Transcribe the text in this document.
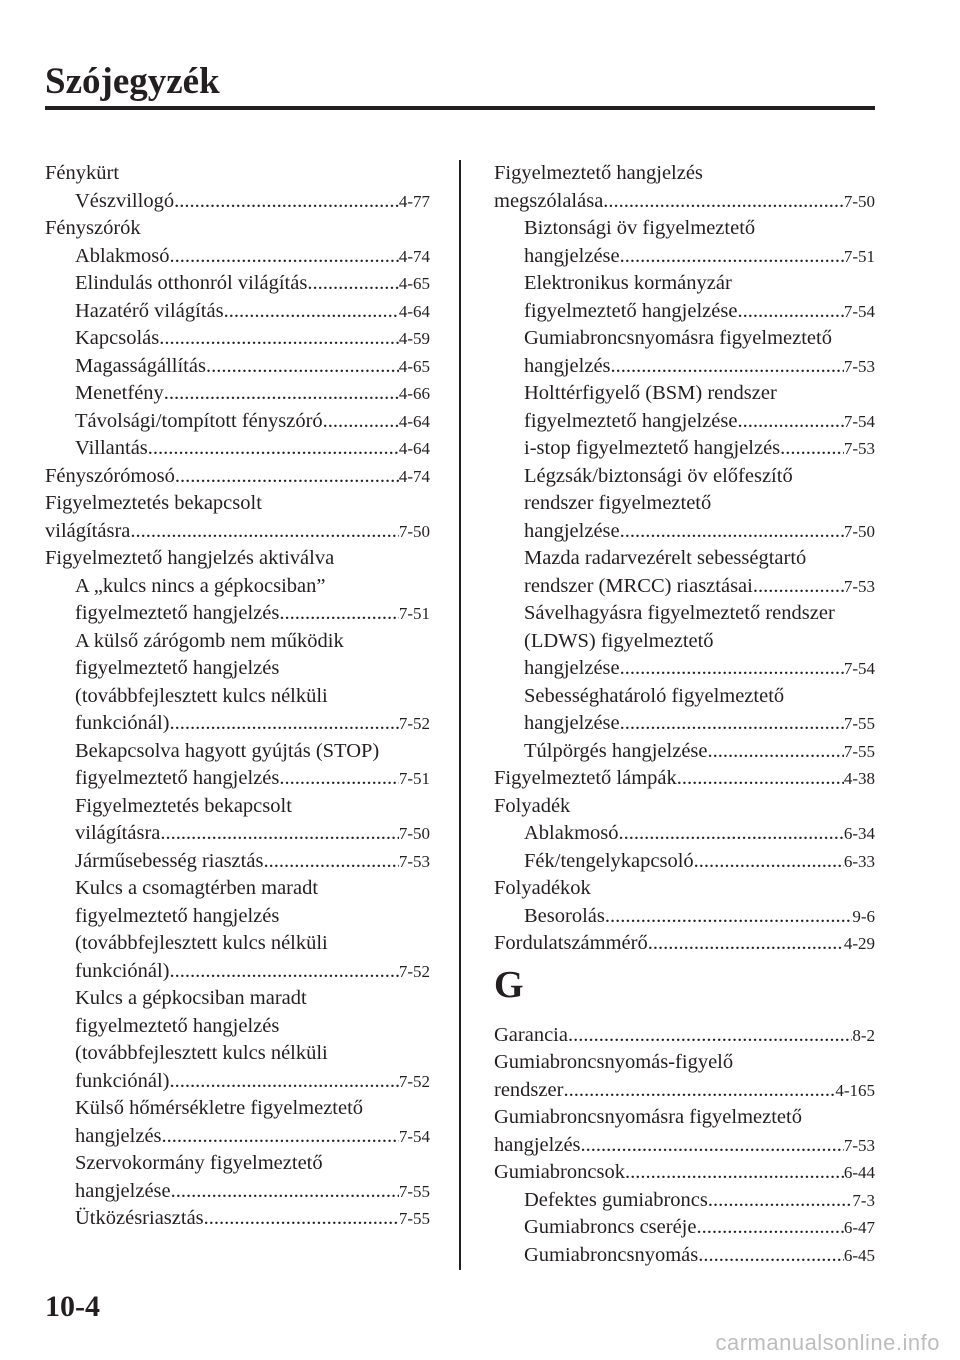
Szójegyzék
Fénykürt
Vészvillogó .....	4-77
Fényszórók
Ablakmosó .....	4-74
Elindulás otthonról világítás .....	4-65
Hazatérő világítás .....	4-64
Kapcsolás .....	4-59
Magasságállítás .....	4-65
Menetfény .....	4-66
Távolsági/tompított fényszóró .....	4-64
Villantás .....	4-64
Fényszórómosó .....	4-74
Figyelmeztetés bekapcsolt
világításra .....	7-50
Figyelmeztető hangjelzés aktiválva
A „kulcs nincs a gépkocsiban”
figyelmeztető hangjelzés .....	7-51
A külső zárógomb nem működik
figyelmeztető hangjelzés
(továbbfejlesztett kulcs nélküli
funkciónál) .....	7-52
Bekapcsolva hagyott gyújtás (STOP)
figyelmeztető hangjelzés .....	7-51
Figyelmeztetés bekapcsolt
világításra .....	7-50
Járműsebesség riasztás .....	7-53
Kulcs a csomagtérben maradt
figyelmeztető hangjelzés
(továbbfejlesztett kulcs nélküli
funkciónál) .....	7-52
Kulcs a gépkocsiban maradt
figyelmeztető hangjelzés
(továbbfejlesztett kulcs nélküli
funkciónál) .....	7-52
Külső hőmérsékletre figyelmeztető
hangjelzés .....	7-54
Szervokormány figyelmeztető
hangjelzése .....	7-55
Ütközésriasztás .....	7-55
Figyelmeztető hangjelzés
megszólalása .....	7-50
Biztonsági öv figyelmeztető
hangjelzése .....	7-51
Elektronikus kormányzár
figyelmeztető hangjelzése .....	7-54
Gumiabroncsnyomásra figyelmeztető
hangjelzés .....	7-53
Holttérfigyelő (BSM) rendszer
figyelmeztető hangjelzése .....	7-54
i-stop figyelmeztető hangjelzés .....	7-53
Légzsák/biztonsági öv előfeszítő
rendszer figyelmeztető
hangjelzése .....	7-50
Mazda radarvezérelt sebességtartó
rendszer (MRCC) riasztásai .....	7-53
Sávelhagyásra figyelmeztető rendszer
(LDWS) figyelmeztető
hangjelzése .....	7-54
Sebességhatároló figyelmeztető
hangjelzése .....	7-55
Túlpörgés hangjelzése .....	7-55
Figyelmeztető lámpák .....	4-38
Folyadék
Ablakmosó .....	6-34
Fék/tengelykapcsoló .....	6-33
Folyadékok
Besorolás .....	9-6
Fordulatszámmérő .....	4-29
G
Garancia .....	8-2
Gumiabroncsnyomás-figyelő
rendszer .....	4-165
Gumiabroncsnyomásra figyelmeztető
hangjelzés .....	7-53
Gumiabroncsok .....	6-44
Defektes gumiabroncs .....	7-3
Gumiabroncs cseréje .....	6-47
Gumiabroncsnyomás .....	6-45
10-4
carmanualsonline.info
